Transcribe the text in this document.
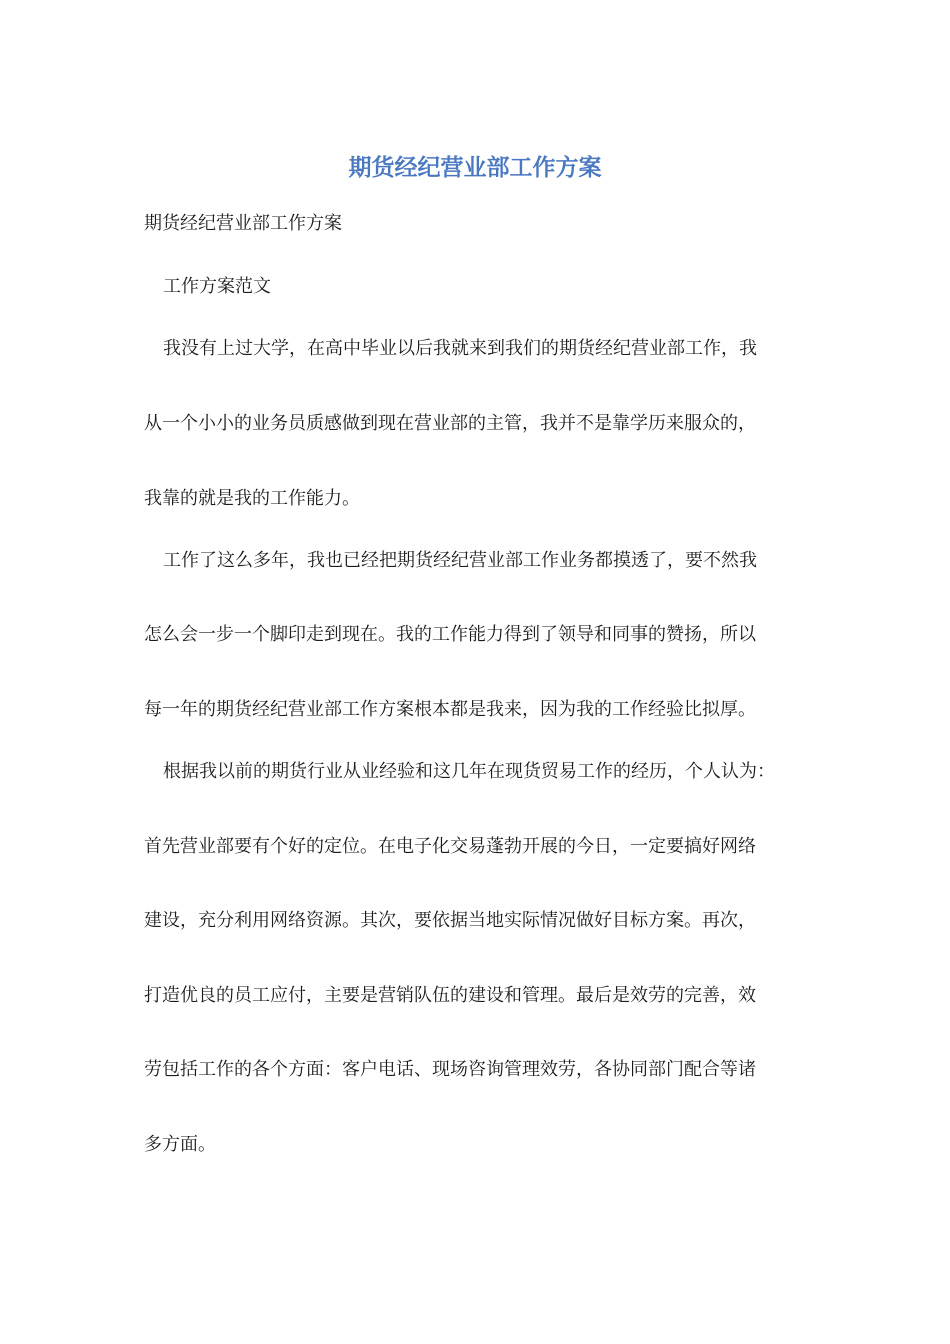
期货经纪营业部工作方案

期货经纪营业部工作方案

工作方案范文

我没有上过大学，在高中毕业以后我就来到我们的期货经纪营业部工作，我

从一个小小的业务员质感做到现在营业部的主管，我并不是靠学历来服众的，

我靠的就是我的工作能力。

工作了这么多年，我也已经把期货经纪营业部工作业务都摸透了，要不然我

怎么会一步一个脚印走到现在。我的工作能力得到了领导和同事的赞扬，所以

每一年的期货经纪营业部工作方案根本都是我来，因为我的工作经验比拟厚。

根据我以前的期货行业从业经验和这几年在现货贸易工作的经历，个人认为：

首先营业部要有个好的定位。在电子化交易蓬勃开展的今日，一定要搞好网络

建设，充分利用网络资源。其次，要依据当地实际情况做好目标方案。再次，

打造优良的员工应付，主要是营销队伍的建设和管理。最后是效劳的完善，效

劳包括工作的各个方面：客户电话、现场咨询管理效劳，各协同部门配合等诸

多方面。
